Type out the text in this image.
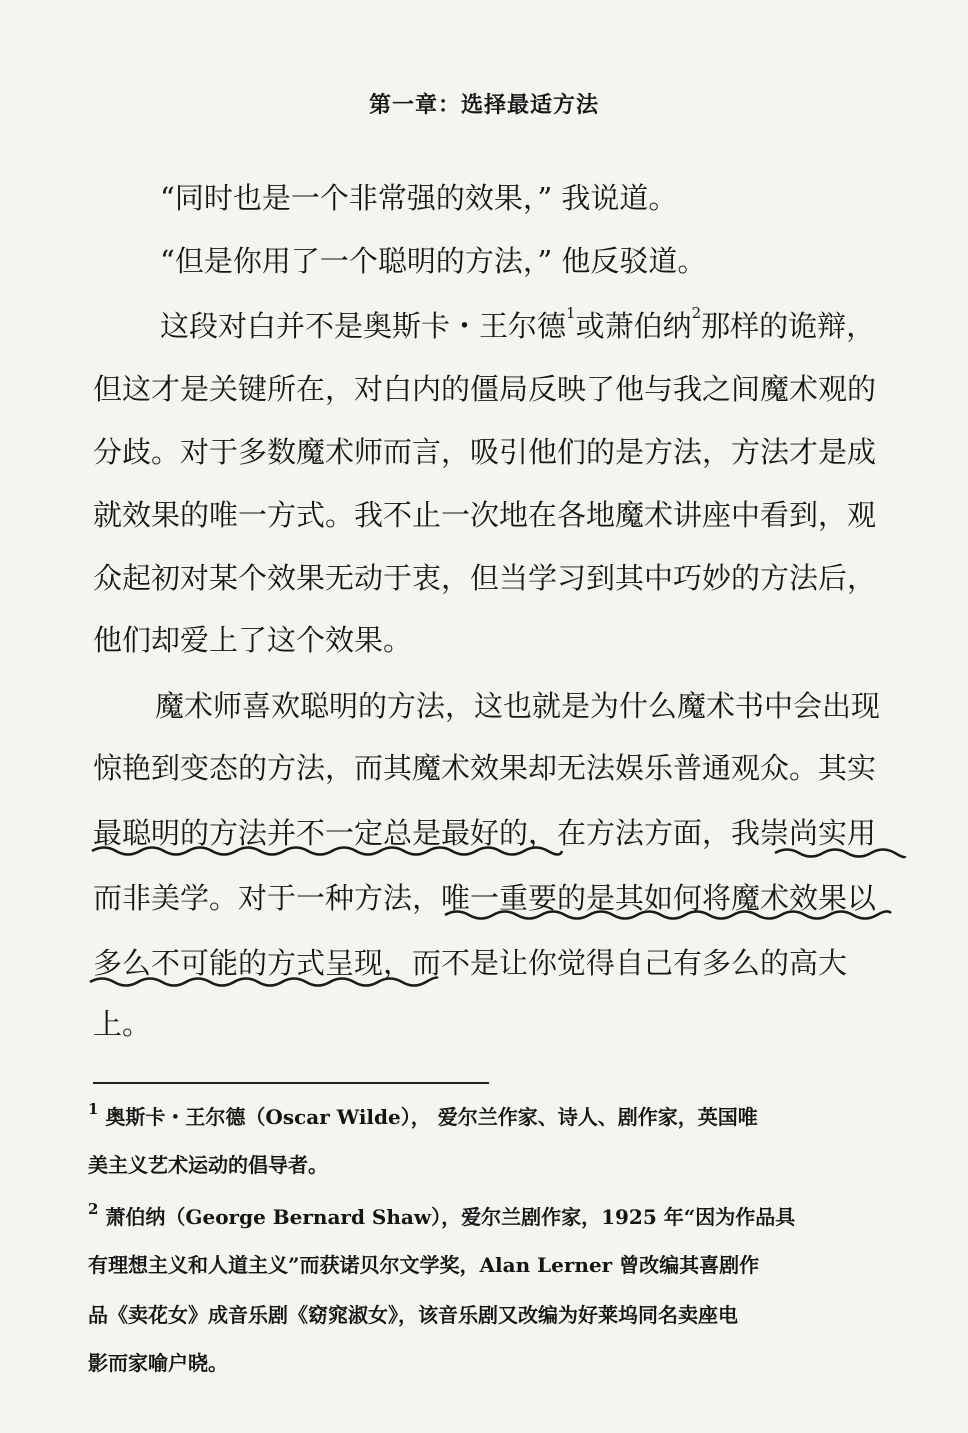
第一章：选择最适方法
“同时也是一个非常强的效果，” 我说道。
“但是你用了一个聪明的方法，” 他反驳道。
这段对白并不是奥斯卡・王尔德$^1$或萧伯纳$^2$那样的诡辩，
但这才是关键所在，对白内的僵局反映了他与我之间魔术观的
分歧。对于多数魔术师而言，吸引他们的是方法，方法才是成
就效果的唯一方式。我不止一次地在各地魔术讲座中看到，观
众起初对某个效果无动于衷，但当学习到其中巧妙的方法后，
他们却爱上了这个效果。
魔术师喜欢聪明的方法，这也就是为什么魔术书中会出现
惊艳到变态的方法，而其魔术效果却无法娱乐普通观众。其实
最聪明的方法并不一定总是最好的，在方法方面，我崇尚实用
而非美学。对于一种方法，唯一重要的是其如何将魔术效果以
多么不可能的方式呈现，而不是让你觉得自己有多么的高大
上。
$^1$ 奥斯卡・王尔德（Oscar Wilde）， 爱尔兰作家、诗人、剧作家，英国唯
美主义艺术运动的倡导者。
$^2$ 萧伯纳（George Bernard Shaw），爱尔兰剧作家，1925 年“因为作品具
有理想主义和人道主义”而获诺贝尔文学奖，Alan Lerner 曾改编其喜剧作
品《卖花女》成音乐剧《窈窕淑女》，该音乐剧又改编为好莱坞同名卖座电
影而家喻户晓。
